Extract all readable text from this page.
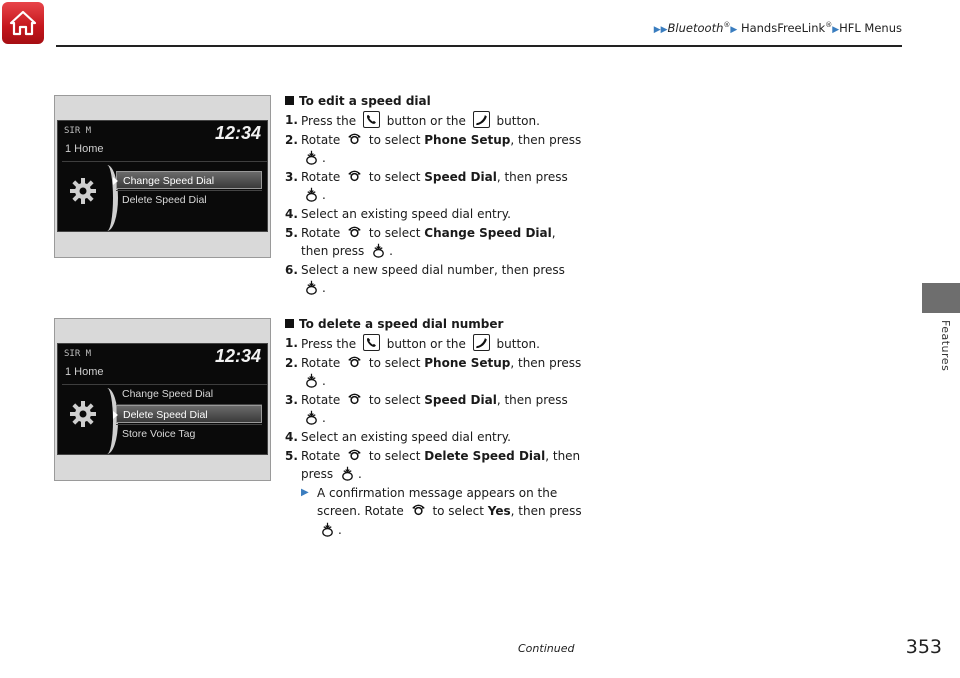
▶▶Bluetooth®▶ HandsFreeLink®▶HFL Menus
Features
SIR M	12:34
1 Home
Change Speed Dial
Delete Speed Dial
SIR M	12:34
1 Home
Change Speed Dial
Delete Speed Dial
Store Voice Tag
To edit a speed dial
1. Press the  button or the  button.
2. Rotate  to select Phone Setup, then press .
3. Rotate  to select Speed Dial, then press .
4. Select an existing speed dial entry.
5. Rotate  to select Change Speed Dial, then press .
6. Select a new speed dial number, then press .
To delete a speed dial number
1. Press the  button or the  button.
2. Rotate  to select Phone Setup, then press .
3. Rotate  to select Speed Dial, then press .
4. Select an existing speed dial entry.
5. Rotate  to select Delete Speed Dial, then press .
▶ A confirmation message appears on the screen. Rotate  to select Yes, then press .
Continued	353
